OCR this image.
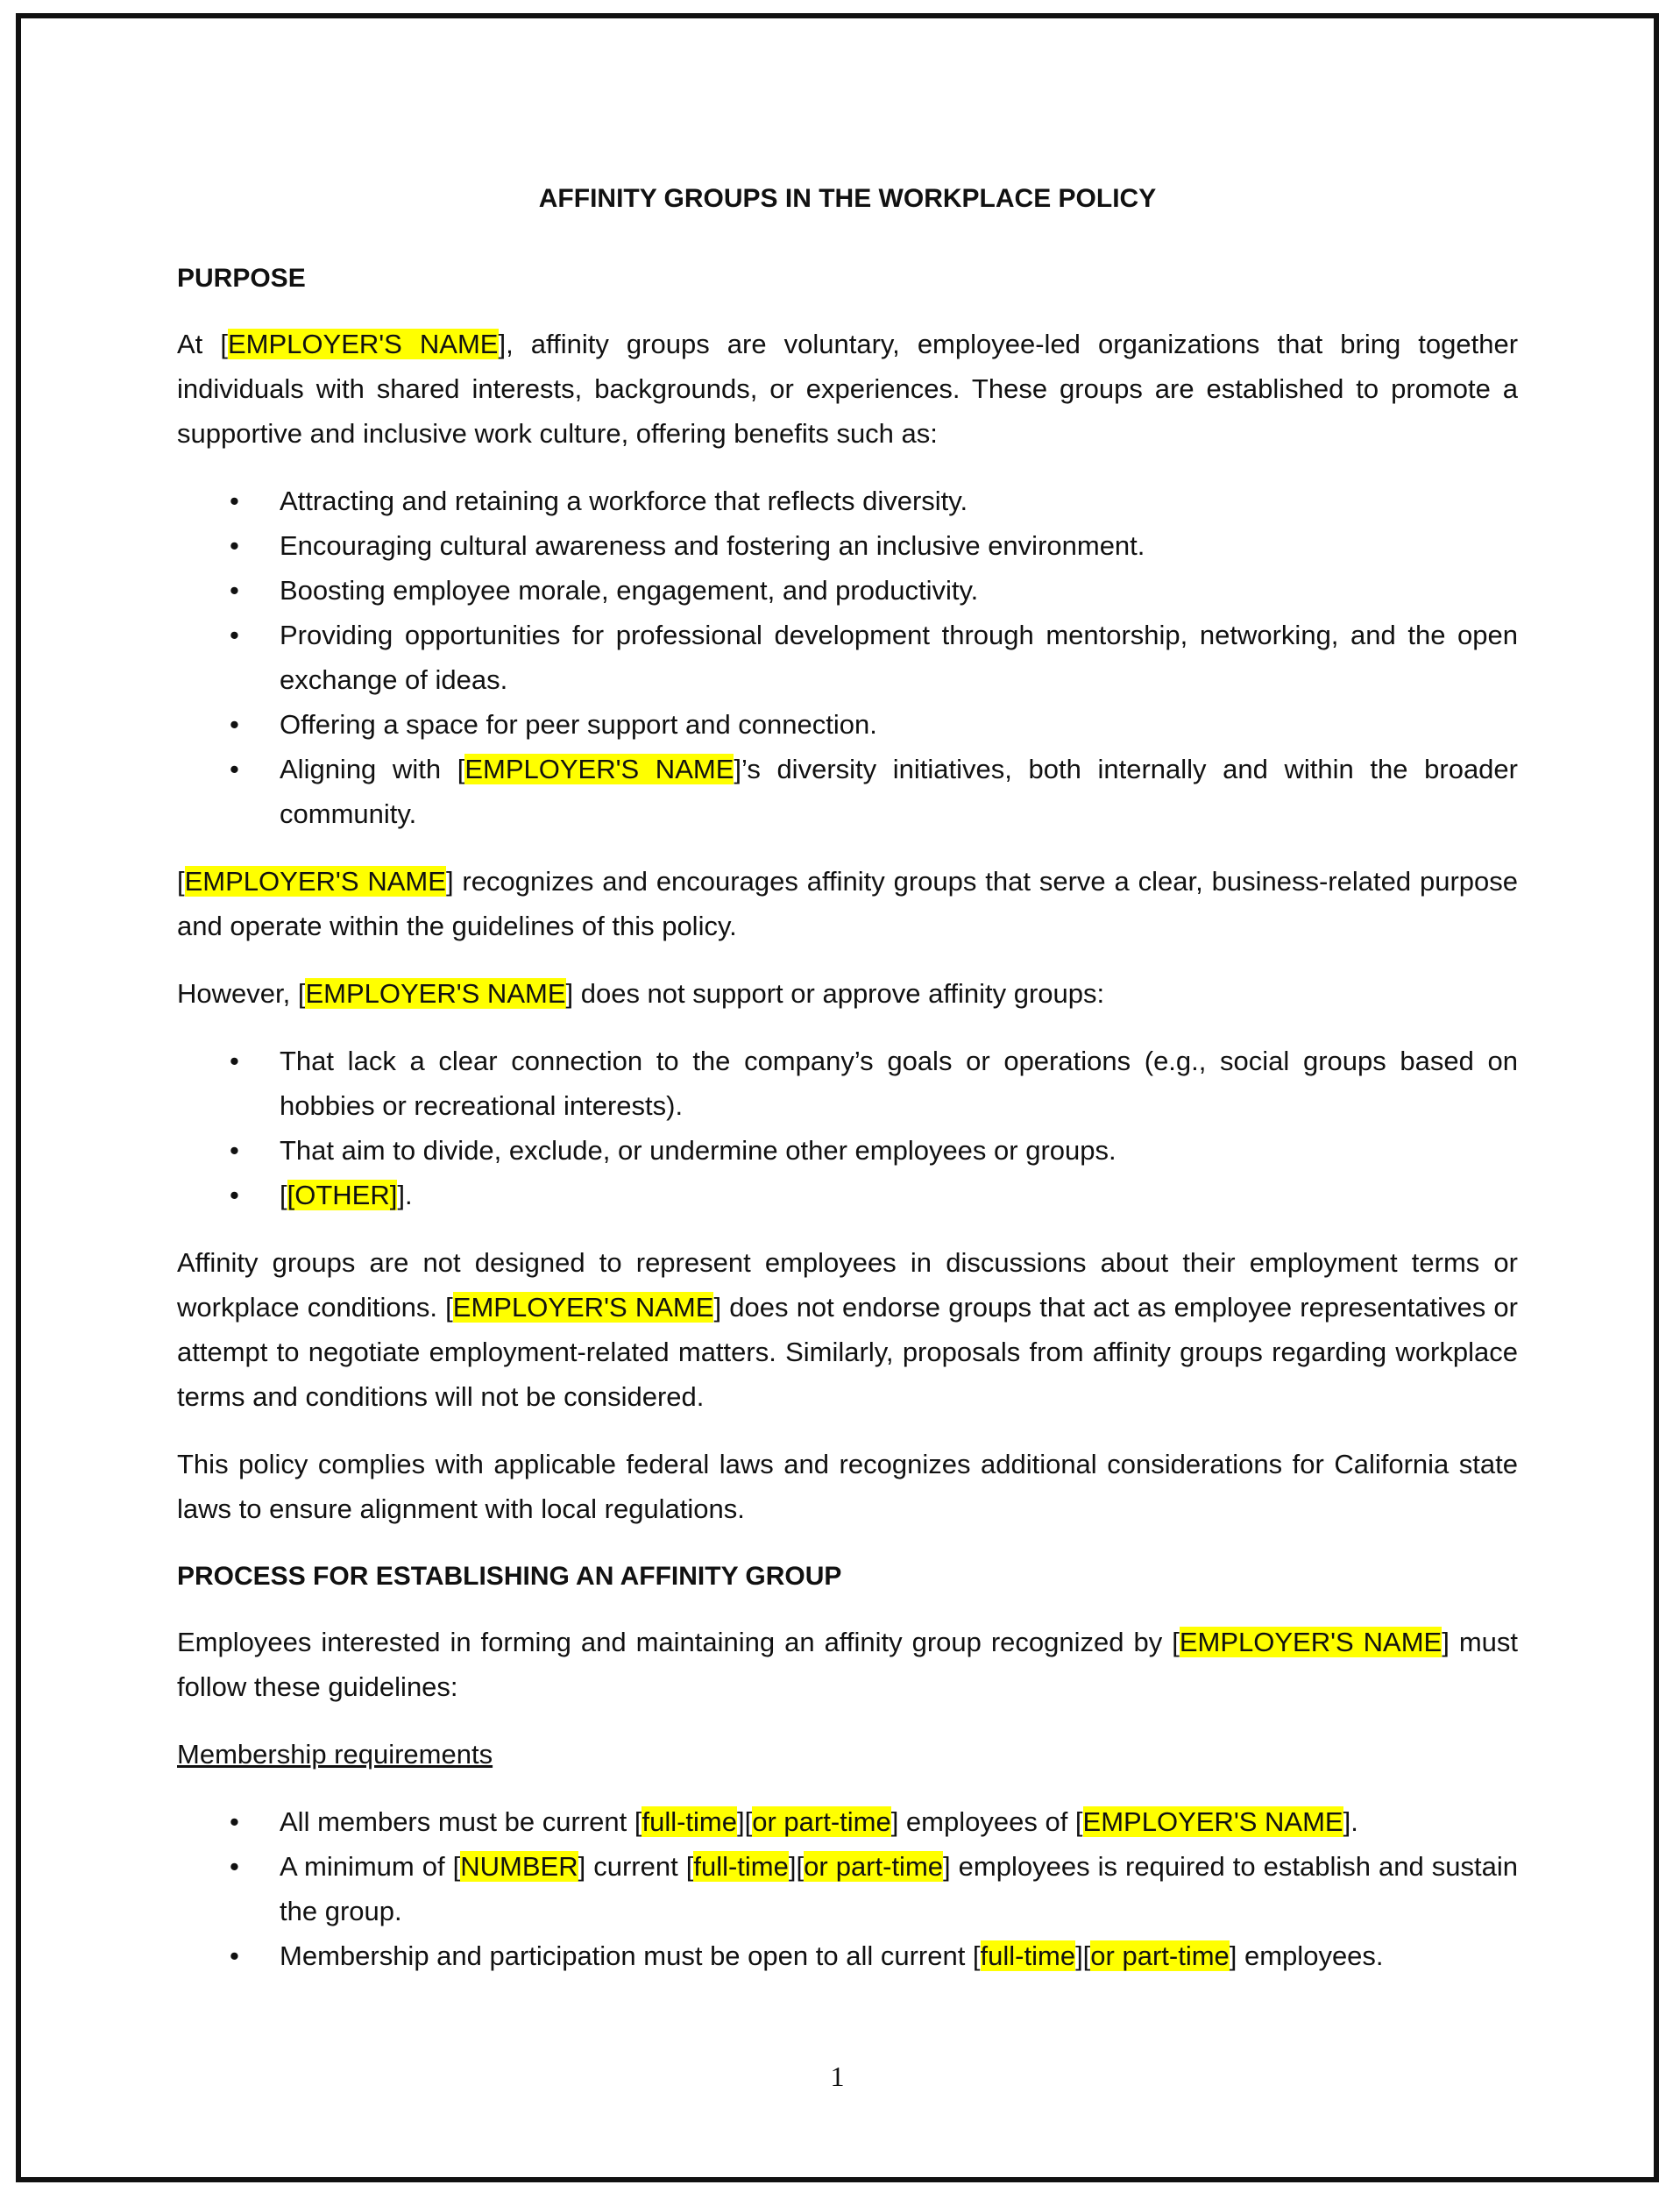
AFFINITY GROUPS IN THE WORKPLACE POLICY
PURPOSE

At [EMPLOYER'S NAME], affinity groups are voluntary, employee-led organizations that bring together individuals with shared interests, backgrounds, or experiences. These groups are established to promote a supportive and inclusive work culture, offering benefits such as:

• Attracting and retaining a workforce that reflects diversity.
• Encouraging cultural awareness and fostering an inclusive environment.
• Boosting employee morale, engagement, and productivity.
• Providing opportunities for professional development through mentorship, networking, and the open exchange of ideas.
• Offering a space for peer support and connection.
• Aligning with [EMPLOYER'S NAME]’s diversity initiatives, both internally and within the broader community.

[EMPLOYER'S NAME] recognizes and encourages affinity groups that serve a clear, business-related purpose and operate within the guidelines of this policy.

However, [EMPLOYER'S NAME] does not support or approve affinity groups:

• That lack a clear connection to the company’s goals or operations (e.g., social groups based on hobbies or recreational interests).
• That aim to divide, exclude, or undermine other employees or groups.
• [[OTHER]].

Affinity groups are not designed to represent employees in discussions about their employment terms or workplace conditions. [EMPLOYER'S NAME] does not endorse groups that act as employee representatives or attempt to negotiate employment-related matters. Similarly, proposals from affinity groups regarding workplace terms and conditions will not be considered.

This policy complies with applicable federal laws and recognizes additional considerations for California state laws to ensure alignment with local regulations.

PROCESS FOR ESTABLISHING AN AFFINITY GROUP

Employees interested in forming and maintaining an affinity group recognized by [EMPLOYER'S NAME] must follow these guidelines:

Membership requirements
• All members must be current [full-time][or part-time] employees of [EMPLOYER'S NAME].
• A minimum of [NUMBER] current [full-time][or part-time] employees is required to establish and sustain the group.
• Membership and participation must be open to all current [full-time][or part-time] employees.
1
